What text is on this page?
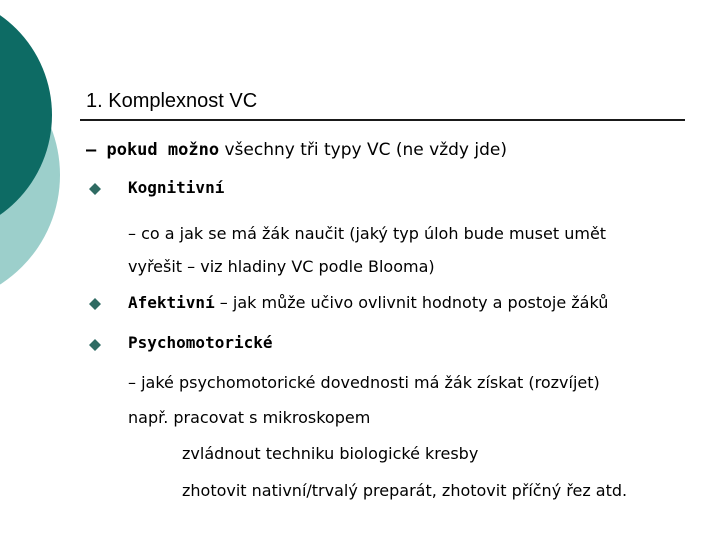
1. Komplexnost VC
– pokud možno všechny tři typy VC (ne vždy jde)
Kognitivní
– co a jak se má žák naučit (jaký typ úloh bude muset umět
vyřešit – viz hladiny VC podle Blooma)
Afektivní – jak může učivo ovlivnit hodnoty a postoje žáků
Psychomotorické
– jaké psychomotorické dovednosti má žák získat (rozvíjet)
např. pracovat s mikroskopem
zvládnout techniku biologické kresby
zhotovit nativní/trvalý preparát, zhotovit příčný řez atd.
